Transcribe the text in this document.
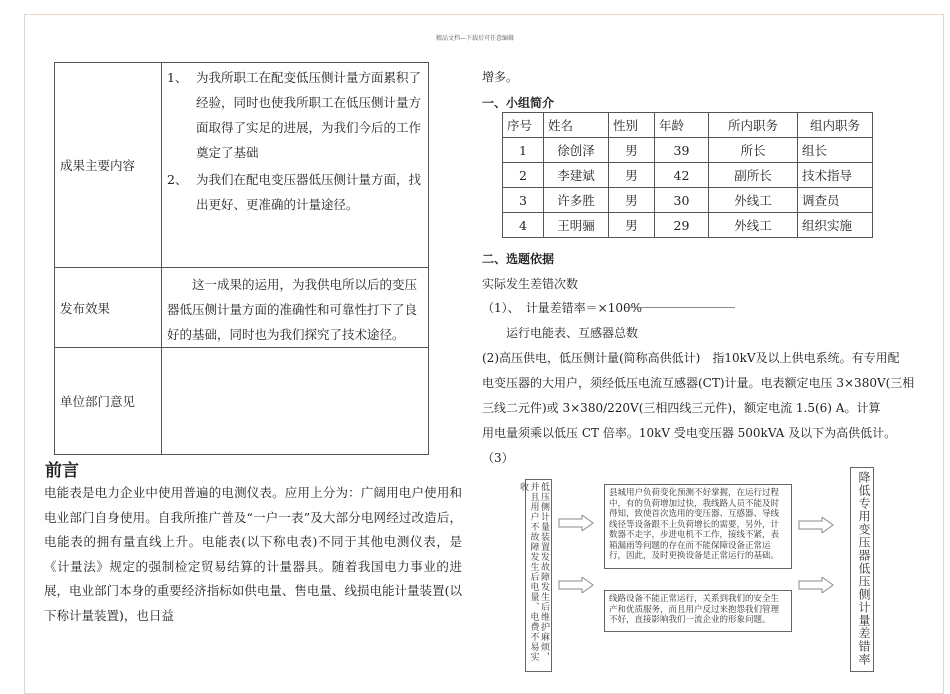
精品文档---下载后可任意编辑
成果主要内容	1、 为我所职工在配变低压侧计量方面累积了经验，同时也使我所职工在低压侧计量方面取得了实足的进展，为我们今后的工作奠定了基础
2、 为我们在配电变压器低压侧计量方面，找出更好、更准确的计量途径。

发布效果	这一成果的运用，为我供电所以后的变压器低压侧计量方面的准确性和可靠性打下了良好的基础，同时也为我们探究了技术途径。

单位部门意见	
前言
电能表是电力企业中使用普遍的电测仪表。应用上分为：广阔用电户使用和电业部门自身使用。自我所推广普及“一户一表”及大部分电网经过改造后，电能表的拥有量直线上升。电能表(以下称电表)不同于其他电测仪表，是《计量法》规定的强制检定贸易结算的计量器具。随着我国电力事业的进展，电业部门本身的重要经济指标如供电量、售电量、线损电能计量装置(以下称计量装置)，也日益
增多。
一、小组简介
序号	姓名	性别	年龄	所内职务	组内职务
1	徐创泽	男	39	所长	组长
2	李建斌	男	42	副所长	技术指导
3	许多胜	男	30	外线工	调查员
4	王明骊	男	29	外线工	组织实施
二、选题依据
实际发生差错次数
（1）、　计量差错率＝×100%
运行电能表、互感器总数
(2)高压供电，低压侧计量(简称高供低计)　指10kV及以上供电系统。有专用配
电变压器的大用户，须经低压电流互感器(CT)计量。电表额定电压 3×380V(三相
三线二元件)或 3×380/220V(三相四线三元件)，额定电流 1.5(6) A。计算
用电量须乘以低压 CT 倍率。10kV 受电变压器 500kVA 及以下为高供低计。
（3）
低压侧计量装置发故障发生后维护麻烦，并且用户不故障发生后电量、电费不易实收
县城用户负荷变化预测不好掌握，在运行过程中，有的负荷增加过快，我线路人员不能及时得知，致使首次选用的变压器、互感器、导线线径等设备跟不上负荷增长的需要，另外，计数器不走字，步进电机不工作，接线不紧，表箱漏雨等问题的存在而不能保障设备正常运行，因此，及时更换设备是正常运行的基础。
线路设备不能正常运行，关系到我们的安全生产和优质服务，而且用户反过来抱怨我们管理不好，直接影响我们一流企业的形象问题。	降低专用变压器低压侧计量差错率
